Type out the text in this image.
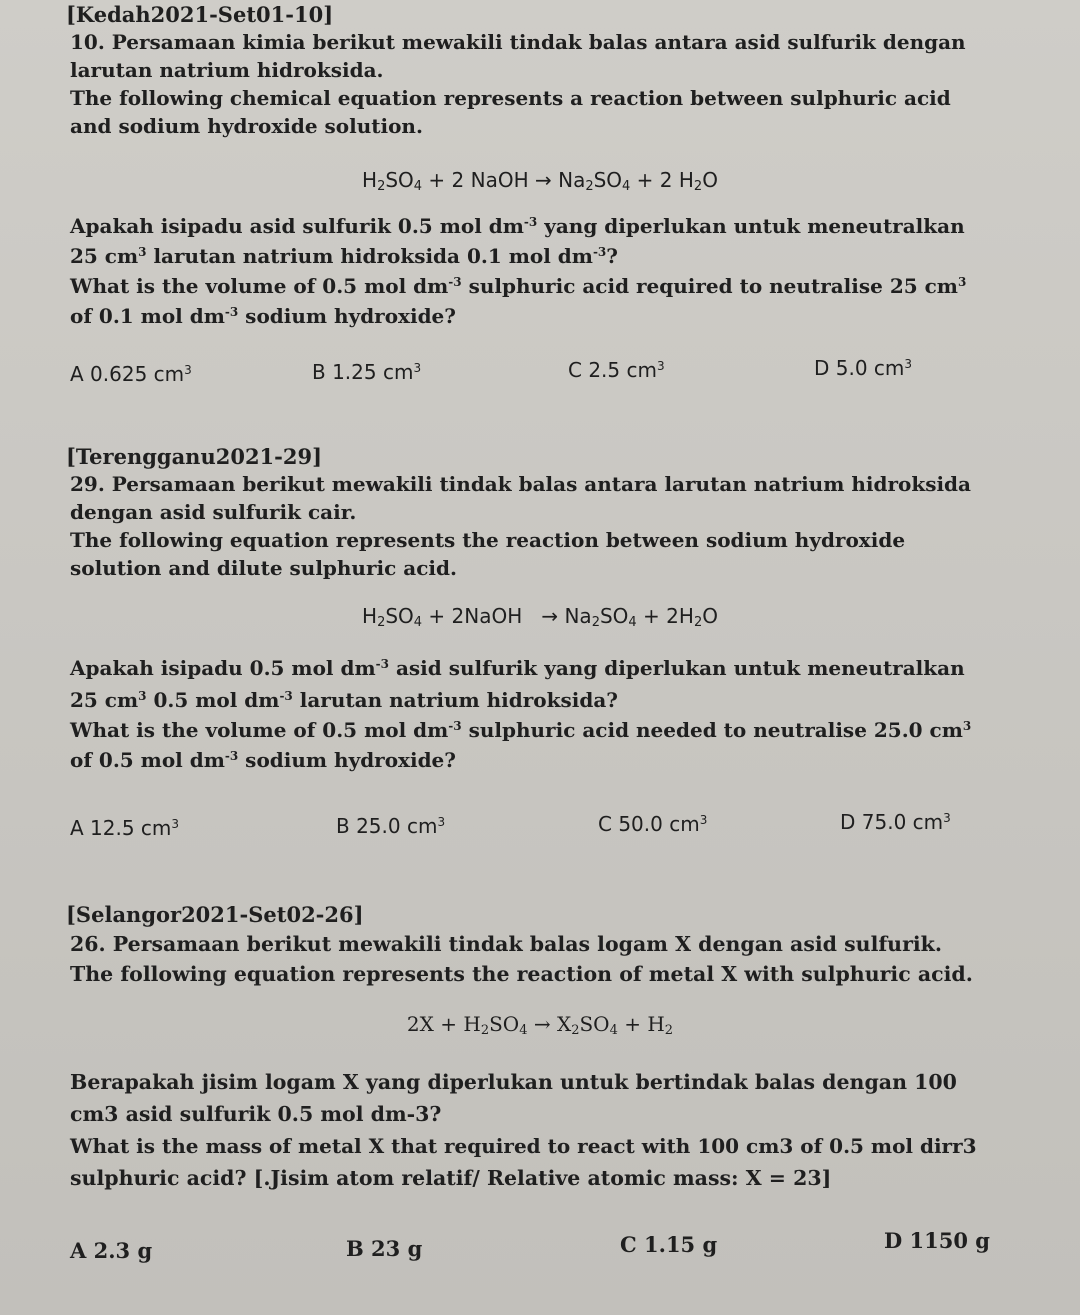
[Kedah2021-Set01-10]
10. Persamaan kimia berikut mewakili tindak balas antara asid sulfurik dengan
larutan natrium hidroksida.
The following chemical equation represents a reaction between sulphuric acid
and sodium hydroxide solution.
$H_2SO_4 + 2$ NaOH → $Na_2SO_4 + 2$ $H_2O$
Apakah isipadu asid sulfurik 0.5 mol $dm^{-3}$ yang diperlukan untuk meneutralkan
25 $cm^3$ larutan natrium hidroksida 0.1 mol $dm^{-3}$?
What is the volume of 0.5 mol $dm^{-3}$ sulphuric acid required to neutralise 25 $cm^3$
of 0.1 mol $dm^{-3}$ sodium hydroxide?
A 0.625 $cm^3$	B 1.25 $cm^3$	C 2.5 $cm^3$	D 5.0 $cm^3$
[Terengganu2021-29]
29. Persamaan berikut mewakili tindak balas antara larutan natrium hidroksida
dengan asid sulfurik cair.
The following equation represents the reaction between sodium hydroxide
solution and dilute sulphuric acid.
$H_2SO_4$ + 2NaOH   → $Na_2SO_4 + 2H_2O$
Apakah isipadu 0.5 mol $dm^{-3}$ asid sulfurik yang diperlukan untuk meneutralkan
25 $cm^3$ 0.5 mol $dm^{-3}$ larutan natrium hidroksida?
What is the volume of 0.5 mol $dm^{-3}$ sulphuric acid needed to neutralise 25.0 $cm^3$
of 0.5 mol $dm^{-3}$ sodium hydroxide?
A 12.5 $cm^3$	B 25.0 $cm^3$	C 50.0 $cm^3$	D 75.0 $cm^3$
[Selangor2021-Set02-26]
26. Persamaan berikut mewakili tindak balas logam X dengan asid sulfurik.
The following equation represents the reaction of metal X with sulphuric acid.
$2X + H_2SO_4 \to X_2SO_4 + H_2$
Berapakah jisim logam X yang diperlukan untuk bertindak balas dengan 100
cm3 asid sulfurik 0.5 mol dm-3?
What is the mass of metal X that required to react with 100 cm3 of 0.5 mol dirr3
sulphuric acid? [.Jisim atom relatif/ Relative atomic mass: X = 23]
A 2.3 g	B 23 g	C 1.15 g	D 1150 g
